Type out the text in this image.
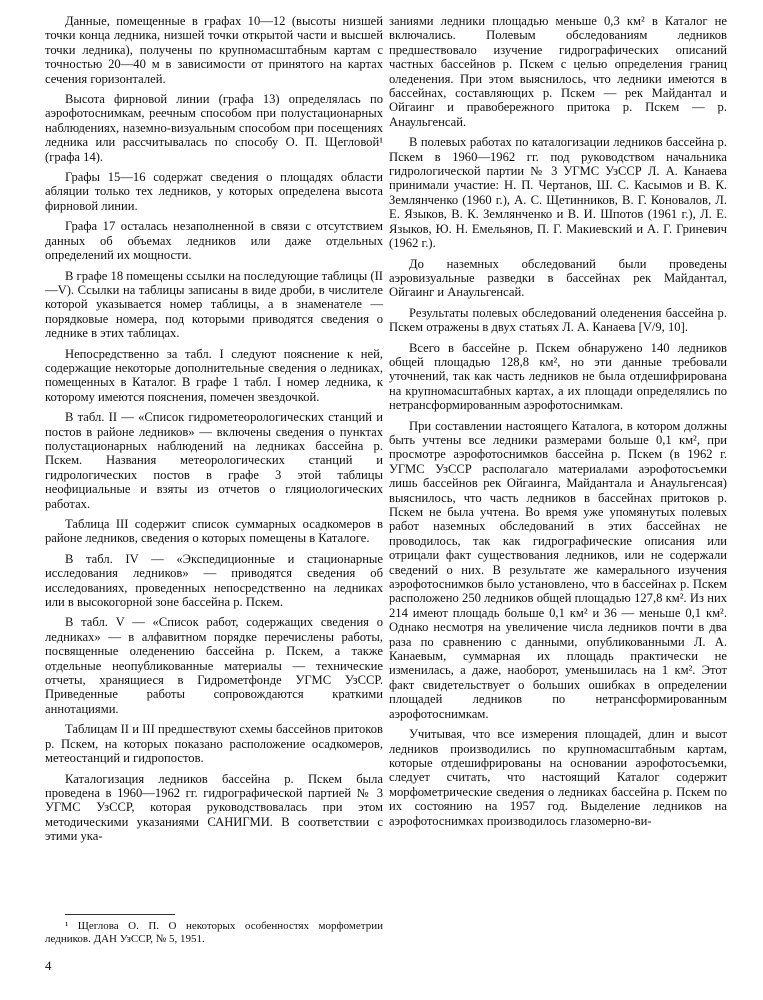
Данные, помещенные в графах 10—12 (высоты низшей точки конца ледника, низшей точки открытой части и высшей точки ледника), получены по крупномасштабным картам с точностью 20—40 м в зависимости от принятого на картах сечения горизонталей.

Высота фирновой линии (графа 13) определялась по аэрофотоснимкам, реечным способом при полустационарных наблюдениях, наземно-визуальным способом при посещениях ледника или рассчитывалась по способу О. П. Щегловой¹ (графа 14).

Графы 15—16 содержат сведения о площадях области абляции только тех ледников, у которых определена высота фирновой линии.

Графа 17 осталась незаполненной в связи с отсутствием данных об объемах ледников или даже отдельных определений их мощности.

В графе 18 помещены ссылки на последующие таблицы (II—V). Ссылки на таблицы записаны в виде дроби, в числителе которой указывается номер таблицы, а в знаменателе — порядковые номера, под которыми приводятся сведения о леднике в этих таблицах.

Непосредственно за табл. I следуют пояснение к ней, содержащие некоторые дополнительные сведения о ледниках, помещенных в Каталог. В графе 1 табл. I номер ледника, к которому имеются пояснения, помечен звездочкой.

В табл. II — «Список гидрометеорологических станций и постов в районе ледников» — включены сведения о пунктах полустационарных наблюдений на ледниках бассейна р. Пскем. Названия метеорологических станций и гидрологических постов в графе 3 этой таблицы неофициальные и взяты из отчетов о гляциологических работах.

Таблица III содержит список суммарных осадкомеров в районе ледников, сведения о которых помещены в Каталоге.

В табл. IV — «Экспедиционные и стационарные исследования ледников» — приводятся сведения об исследованиях, проведенных непосредственно на ледниках или в высокогорной зоне бассейна р. Пскем.

В табл. V — «Список работ, содержащих сведения о ледниках» — в алфавитном порядке перечислены работы, посвященные оледенению бассейна р. Пскем, а также отдельные неопубликованные материалы — технические отчеты, хранящиеся в Гидрометфонде УГМС УзССР. Приведенные работы сопровождаются краткими аннотациями.

Таблицам II и III предшествуют схемы бассейнов притоков р. Пскем, на которых показано расположение осадкомеров, метеостанций и гидропостов.

Каталогизация ледников бассейна р. Пскем была проведена в 1960—1962 гг. гидрографической партией № 3 УГМС УзССР, которая руководствовалась при этом методическими указаниями САНИГМИ. В соответствии с этими ука-

заниями ледники площадью меньше 0,3 км² в Каталог не включались. Полевым обследованиям ледников предшествовало изучение гидрографических описаний частных бассейнов р. Пскем с целью определения границ оледенения. При этом выяснилось, что ледники имеются в бассейнах, составляющих р. Пскем — рек Майдантал и Ойгаинг и правобережного притока р. Пскем — р. Анаульгенсай.

В полевых работах по каталогизации ледников бассейна р. Пскем в 1960—1962 гг. под руководством начальника гидрологической партии № 3 УГМС УзССР Л. А. Канаева принимали участие: Н. П. Чертанов, Ш. С. Касымов и В. К. Землянченко (1960 г.), А. С. Щетинников, В. Г. Коновалов, Л. Е. Языков, В. К. Землянченко и В. И. Шпотов (1961 г.), Л. Е. Языков, Ю. Н. Емельянов, П. Г. Макиевский и А. Г. Гриневич (1962 г.).

До наземных обследований были проведены аэровизуальные разведки в бассейнах рек Майдантал, Ойгаинг и Анаульгенсай.

Результаты полевых обследований оледенения бассейна р. Пскем отражены в двух статьях Л. А. Канаева [V/9, 10].

Всего в бассейне р. Пскем обнаружено 140 ледников общей площадью 128,8 км², но эти данные требовали уточнений, так как часть ледников не была отдешифрирована на крупномасштабных картах, а их площади определялись по нетрансформированным аэрофотоснимкам.

При составлении настоящего Каталога, в котором должны быть учтены все ледники размерами больше 0,1 км², при просмотре аэрофотоснимков бассейна р. Пскем (в 1962 г. УГМС УзССР располагало материалами аэрофотосъемки лишь бассейнов рек Ойгаинга, Майдантала и Анаульгенсая) выяснилось, что часть ледников в бассейнах притоков р. Пскем не была учтена. Во время уже упомянутых полевых работ наземных обследований в этих бассейнах не проводилось, так как гидрографические описания или отрицали факт существования ледников, или не содержали сведений о них. В результате же камерального изучения аэрофотоснимков было установлено, что в бассейнах р. Пскем расположено 250 ледников общей площадью 127,8 км². Из них 214 имеют площадь больше 0,1 км² и 36 — меньше 0,1 км². Однако несмотря на увеличение числа ледников почти в два раза по сравнению с данными, опубликованными Л. А. Канаевым, суммарная их площадь практически не изменилась, а даже, наоборот, уменьшилась на 1 км². Этот факт свидетельствует о больших ошибках в определении площадей ледников по нетрансформированным аэрофотоснимкам.

Учитывая, что все измерения площадей, длин и высот ледников производились по крупномасштабным картам, которые отдешифрированы на основании аэрофотосъемки, следует считать, что настоящий Каталог содержит морфометрические сведения о ледниках бассейна р. Пскем по их состоянию на 1957 год. Выделение ледников на аэрофотоснимках производилось глазомерно-ви-

¹ Щеглова О. П. О некоторых особенностях морфометрии ледников. ДАН УзССР, № 5, 1951.

4
